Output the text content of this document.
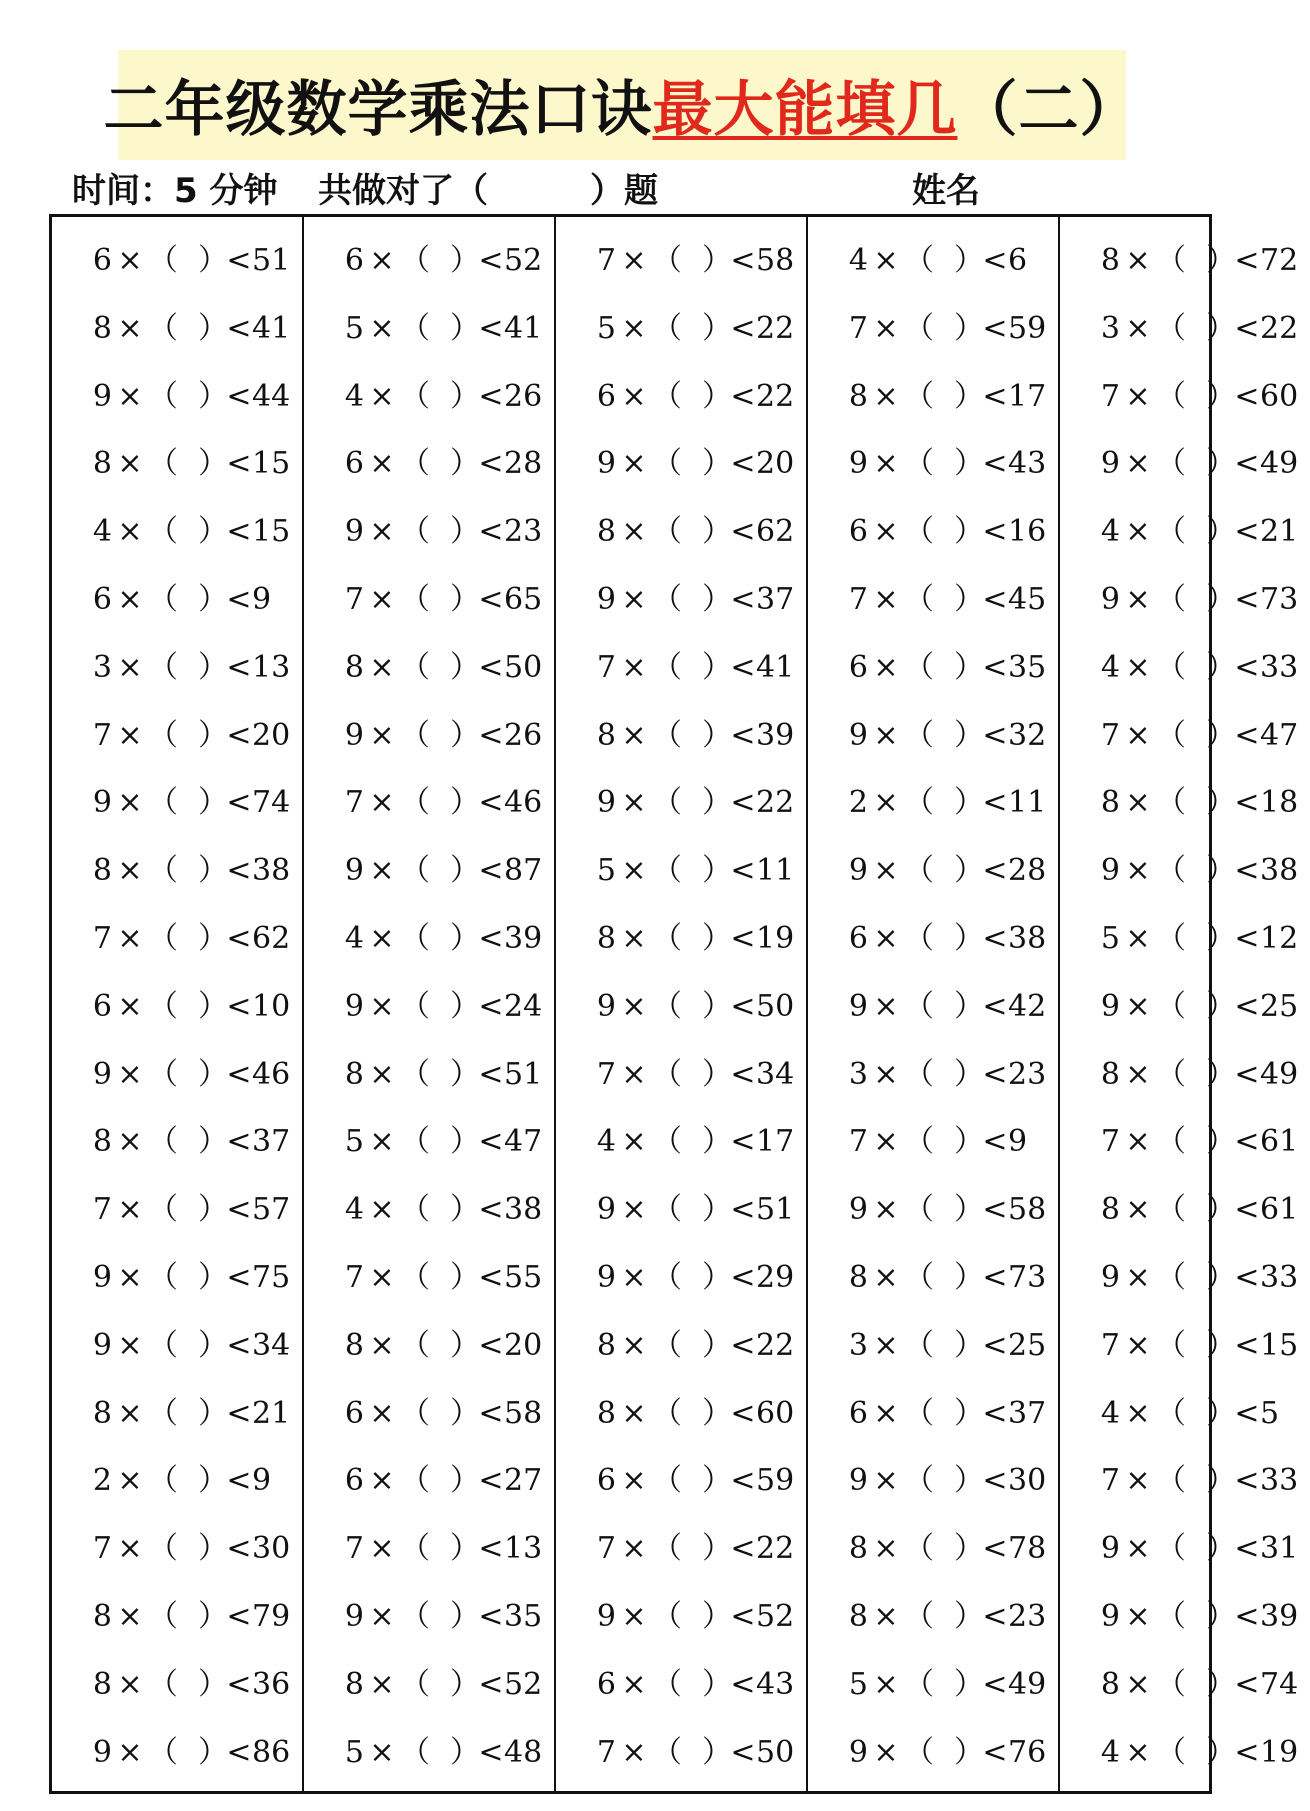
二年级数学乘法口诀 最大能填几 （二）
时间：5 分钟 共做对了（　　　）题	姓名
6 × （ ）
< 51
8 × （ ）
< 41
9 × （ ）
< 44
8 × （ ）
< 15
4 × （ ）
< 15
6 × （ ）
< 9
3 × （ ）
< 13
7 × （ ）
< 20
9 × （ ）
< 74
8 × （ ）
< 38
7 × （ ）
< 62
6 × （ ）
< 10
9 × （ ）
< 46
8 × （ ）
< 37
7 × （ ）
< 57
9 × （ ）
< 75
9 × （ ）
< 34
8 × （ ）
< 21
2 × （ ）
< 9
7 × （ ）
< 30
8 × （ ）
< 79
8 × （ ）
< 36
9 × （ ）
< 86
6 × （ ）
< 52
5 × （ ）
< 41
4 × （ ）
< 26
6 × （ ）
< 28
9 × （ ）
< 23
7 × （ ）
< 65
8 × （ ）
< 50
9 × （ ）
< 26
7 × （ ）
< 46
9 × （ ）
< 87
4 × （ ）
< 39
9 × （ ）
< 24
8 × （ ）
< 51
5 × （ ）
< 47
4 × （ ）
< 38
7 × （ ）
< 55
8 × （ ）
< 20
6 × （ ）
< 58
6 × （ ）
< 27
7 × （ ）
< 13
9 × （ ）
< 35
8 × （ ）
< 52
5 × （ ）
< 48
7 × （ ）
< 58
5 × （ ）
< 22
6 × （ ）
< 22
9 × （ ）
< 20
8 × （ ）
< 62
9 × （ ）
< 37
7 × （ ）
< 41
8 × （ ）
< 39
9 × （ ）
< 22
5 × （ ）
< 11
8 × （ ）
< 19
9 × （ ）
< 50
7 × （ ）
< 34
4 × （ ）
< 17
9 × （ ）
< 51
9 × （ ）
< 29
8 × （ ）
< 22
8 × （ ）
< 60
6 × （ ）
< 59
7 × （ ）
< 22
9 × （ ）
< 52
6 × （ ）
< 43
7 × （ ）
< 50
4 × （ ）
< 6
7 × （ ）
< 59
8 × （ ）
< 17
9 × （ ）
< 43
6 × （ ）
< 16
7 × （ ）
< 45
6 × （ ）
< 35
9 × （ ）
< 32
2 × （ ）
< 11
9 × （ ）
< 28
6 × （ ）
< 38
9 × （ ）
< 42
3 × （ ）
< 23
7 × （ ）
< 9
9 × （ ）
< 58
8 × （ ）
< 73
3 × （ ）
< 25
6 × （ ）
< 37
9 × （ ）
< 30
8 × （ ）
< 78
8 × （ ）
< 23
5 × （ ）
< 49
9 × （ ）
< 76
8 × （ ）
< 72
3 × （ ）
< 22
7 × （ ）
< 60
9 × （ ）
< 49
4 × （ ）
< 21
9 × （ ）
< 73
4 × （ ）
< 33
7 × （ ）
< 47
8 × （ ）
< 18
9 × （ ）
< 38
5 × （ ）
< 12
9 × （ ）
< 25
8 × （ ）
< 49
7 × （ ）
< 61
8 × （ ）
< 61
9 × （ ）
< 33
7 × （ ）
< 15
4 × （ ）
< 5
7 × （ ）
< 33
9 × （ ）
< 31
9 × （ ）
< 39
8 × （ ）
< 74
4 × （ ）
< 19
